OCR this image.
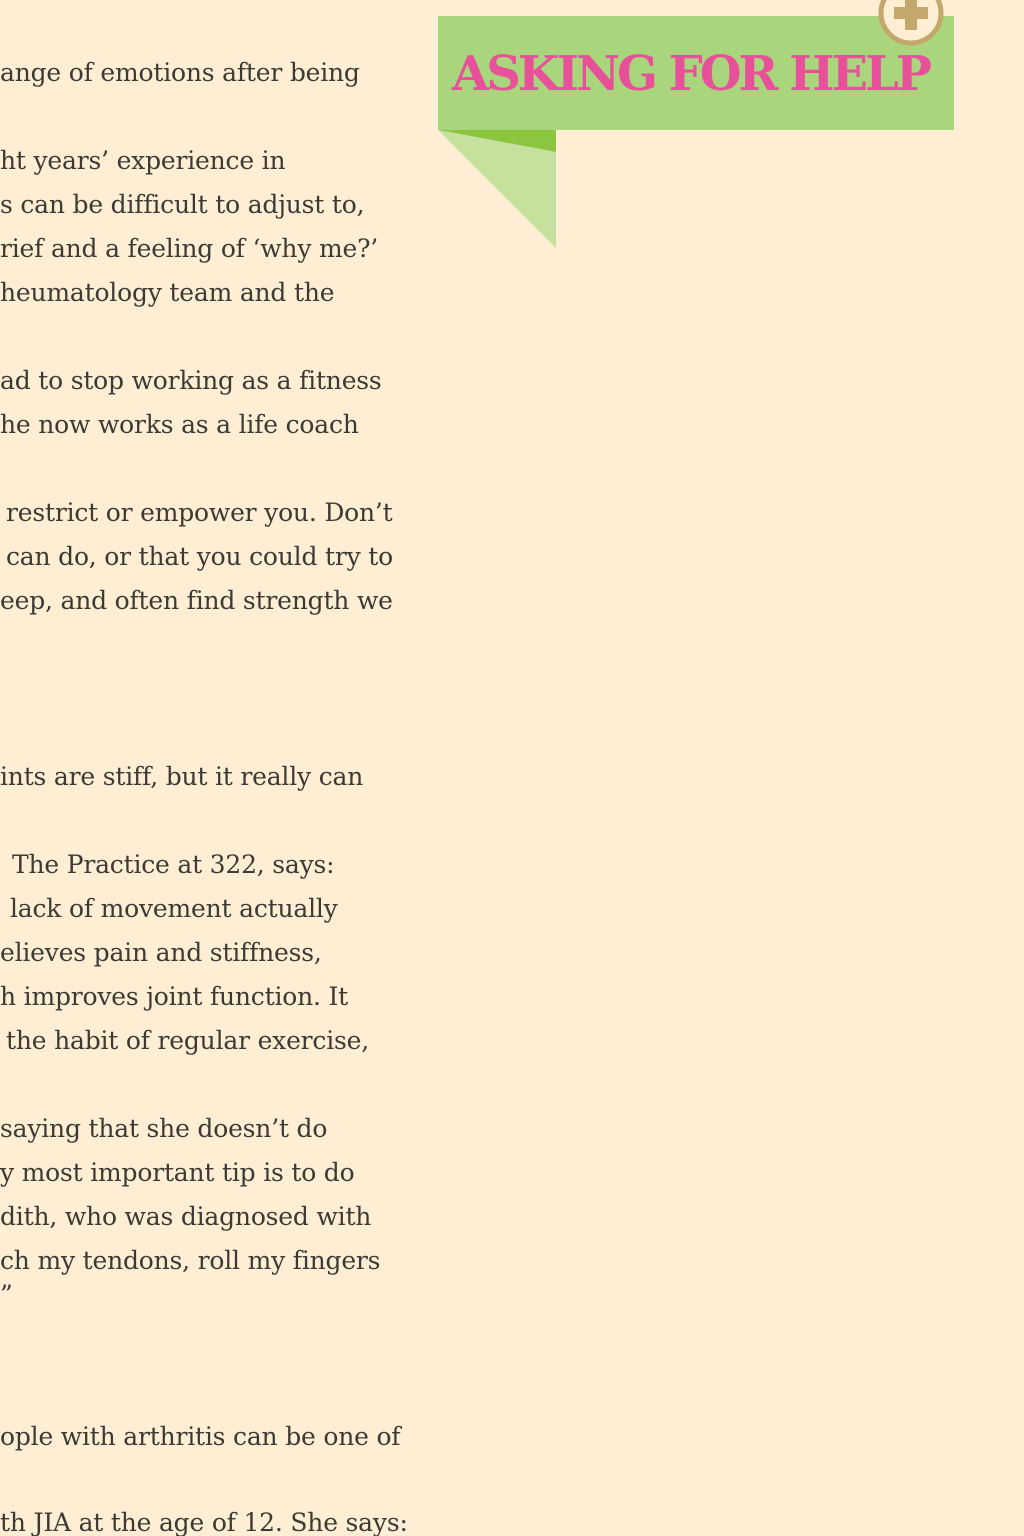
ange of emotions after being
ht years’ experience in
s can be difficult to adjust to,
rief and a feeling of ‘why me?’
heumatology team and the
ad to stop working as a fitness
he now works as a life coach
restrict or empower you. Don’t
can do, or that you could try to
eep, and often find strength we
ints are stiff, but it really can
The Practice at 322, says:
lack of movement actually
elieves pain and stiffness,
h improves joint function. It
the habit of regular exercise,
saying that she doesn’t do
y most important tip is to do
dith, who was diagnosed with
ch my tendons, roll my fingers
”
ople with arthritis can be one of
th JIA at the age of 12. She says:
ASKING FOR HELP
